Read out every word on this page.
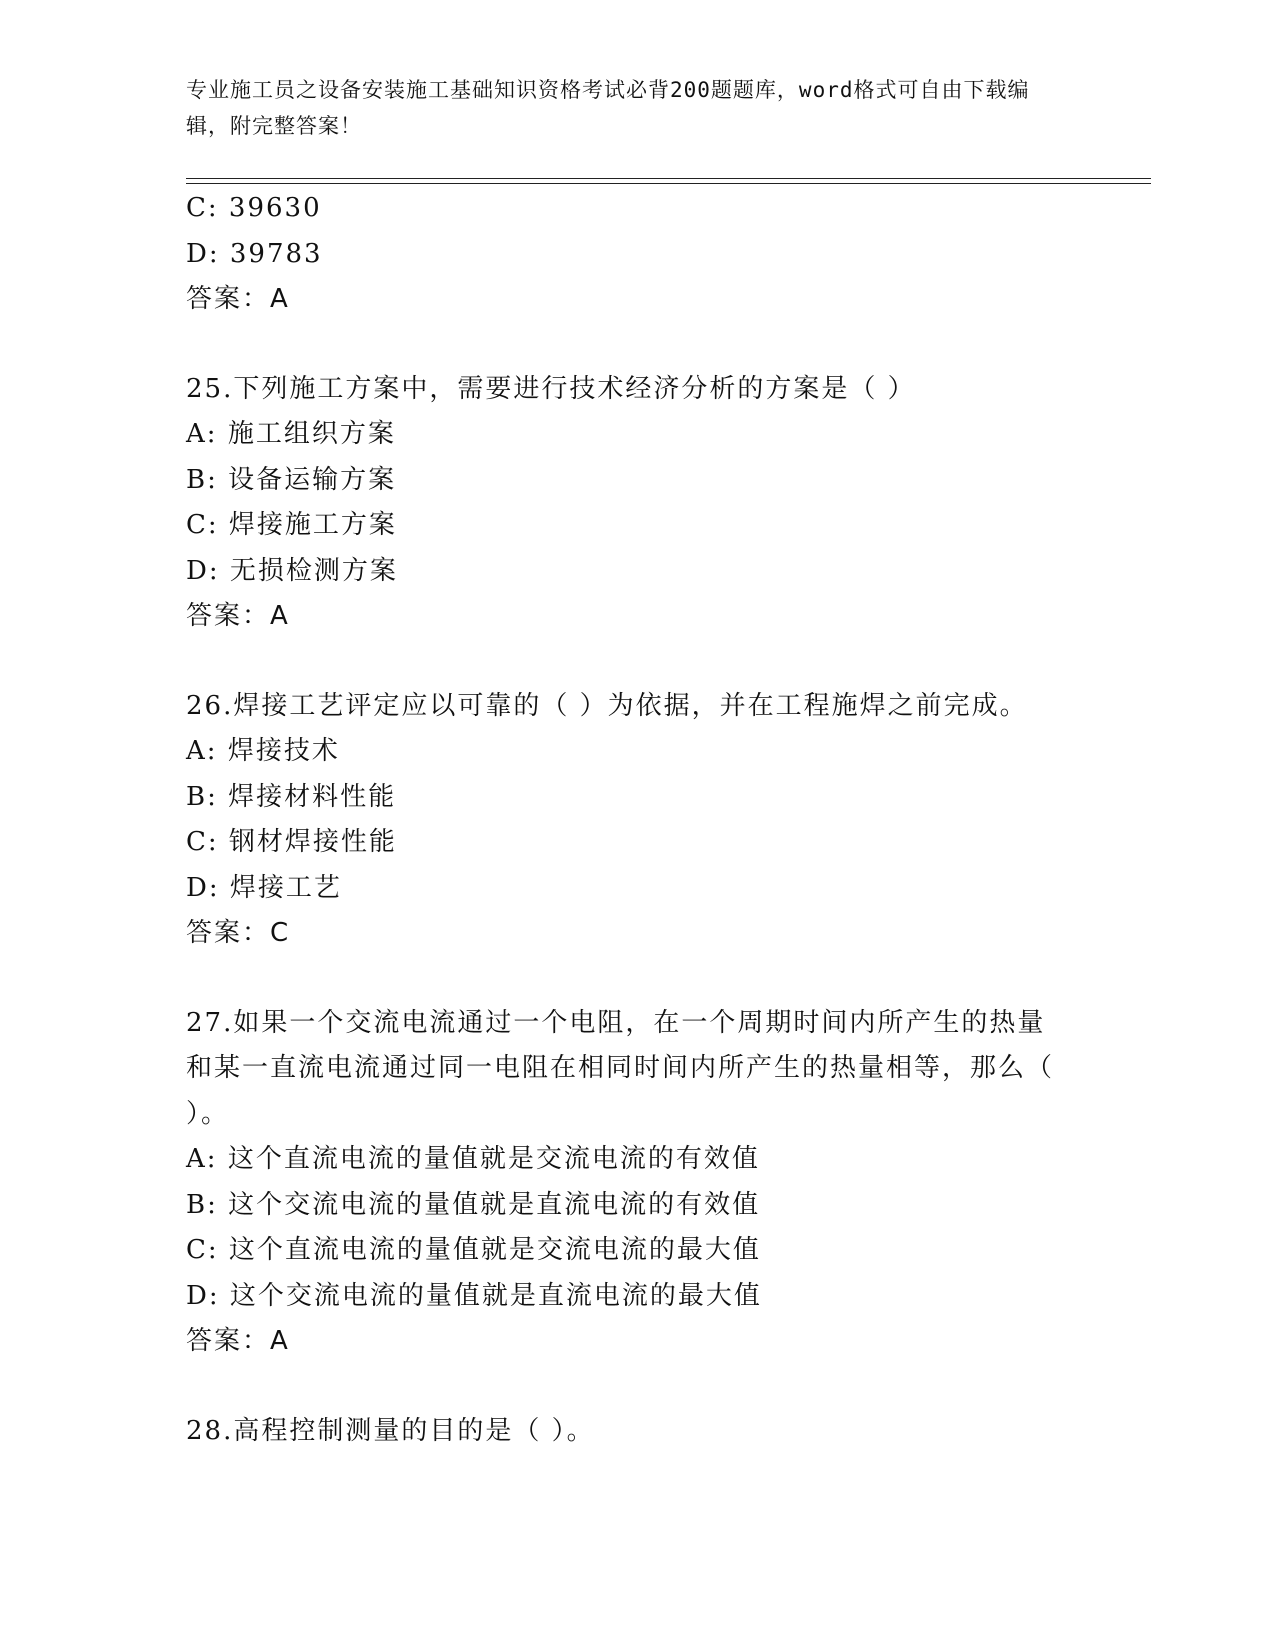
专业施工员之设备安装施工基础知识资格考试必背200题题库，word格式可自由下载编辑，附完整答案！
C: 39630
D: 39783
答案：A
25.下列施工方案中，需要进行技术经济分析的方案是（ ）
A: 施工组织方案
B: 设备运输方案
C: 焊接施工方案
D: 无损检测方案
答案：A
26.焊接工艺评定应以可靠的（ ）为依据，并在工程施焊之前完成。
A: 焊接技术
B: 焊接材料性能
C: 钢材焊接性能
D: 焊接工艺
答案：C
27.如果一个交流电流通过一个电阻，在一个周期时间内所产生的热量和某一直流电流通过同一电阻在相同时间内所产生的热量相等，那么（ ）。
A: 这个直流电流的量值就是交流电流的有效值
B: 这个交流电流的量值就是直流电流的有效值
C: 这个直流电流的量值就是交流电流的最大值
D: 这个交流电流的量值就是直流电流的最大值
答案：A
28.高程控制测量的目的是（ ）。
